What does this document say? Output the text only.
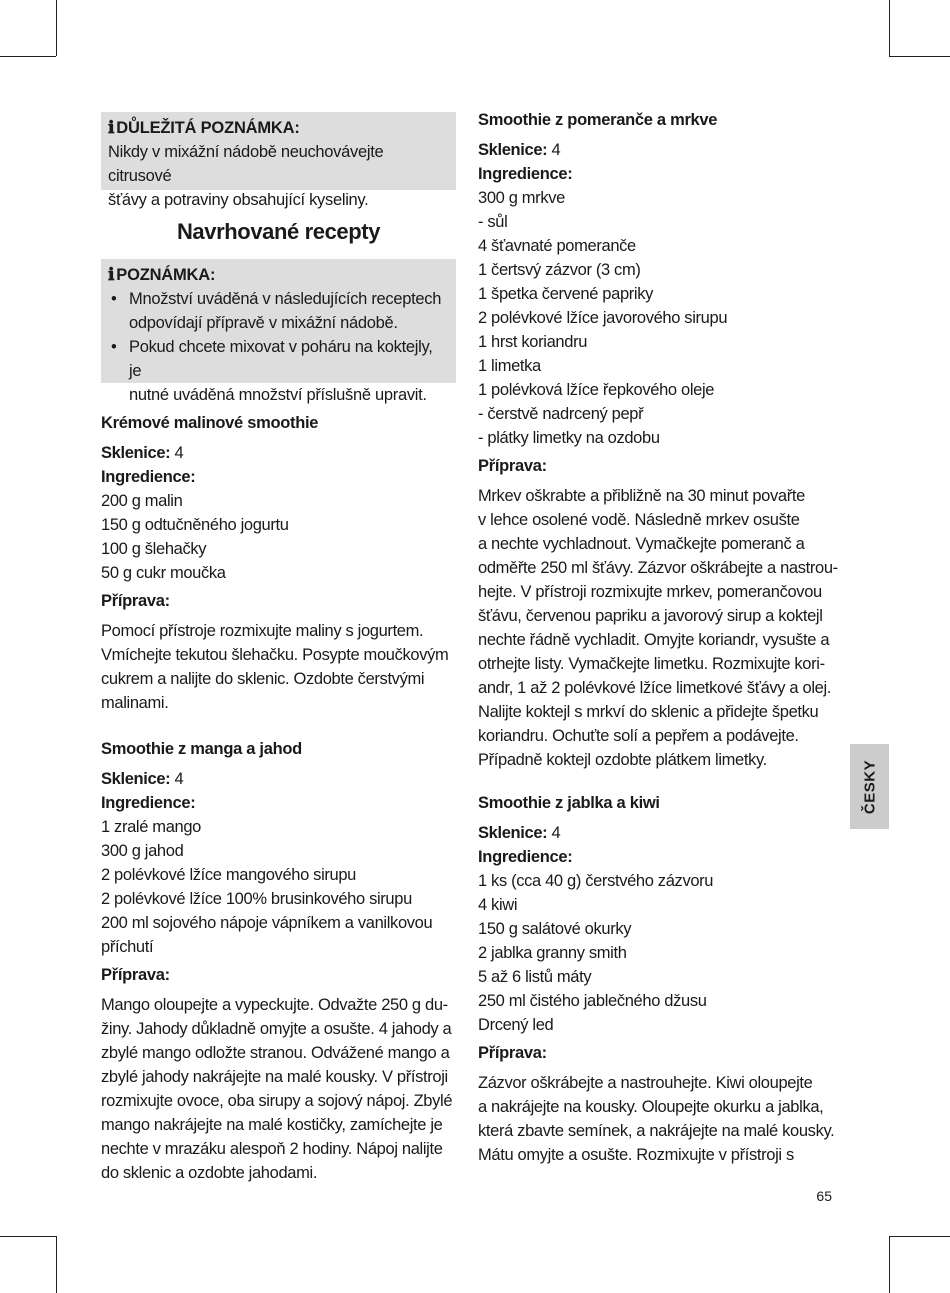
ℹ DŮLEŽITÁ POZNÁMKA:
Nikdy v mixážní nádobě neuchovávejte citrusové
šťávy a potraviny obsahující kyseliny.
Navrhované recepty
ℹ POZNÁMKA:
• Množství uváděná v následujících receptech
odpovídají přípravě v mixážní nádobě.
• Pokud chcete mixovat v poháru na koktejly, je
nutné uváděná množství příslušně upravit.
Krémové malinové smoothie
Sklenice: 4
Ingredience:
200 g malin
150 g odtučněného jogurtu
100 g šlehačky
50 g cukr moučka
Příprava:
Pomocí přístroje rozmixujte maliny s jogurtem.
Vmíchejte tekutou šlehačku. Posypte moučkovým
cukrem a nalijte do sklenic. Ozdobte čerstvými
malinami.
Smoothie z manga a jahod
Sklenice: 4
Ingredience:
1 zralé mango
300 g jahod
2 polévkové lžíce mangového sirupu
2 polévkové lžíce 100% brusinkového sirupu
200 ml sojového nápoje vápníkem a vanilkovou
příchutí
Příprava:
Mango oloupejte a vypeckujte. Odvažte 250 g du-
žiny. Jahody důkladně omyjte a osušte. 4 jahody a
zbylé mango odložte stranou. Odvážené mango a
zbylé jahody nakrájejte na malé kousky. V přístroji
rozmixujte ovoce, oba sirupy a sojový nápoj. Zbylé
mango nakrájejte na malé kostičky, zamíchejte je
nechte v mrazáku alespoň 2 hodiny. Nápoj nalijte
do sklenic a ozdobte jahodami.
Smoothie z pomeranče a mrkve
Sklenice: 4
Ingredience:
300 g mrkve
- sůl
4 šťavnaté pomeranče
1 čertsvý zázvor (3 cm)
1 špetka červené papriky
2 polévkové lžíce javorového sirupu
1 hrst koriandru
1 limetka
1 polévková lžíce řepkového oleje
- čerstvě nadrcený pepř
- plátky limetky na ozdobu
Příprava:
Mrkev oškrabte a přibližně na 30 minut povařte
v lehce osolené vodě. Následně mrkev osušte
a nechte vychladnout. Vymačkejte pomeranč a
odměřte 250 ml šťávy. Zázvor oškrábejte a nastrou-
hejte. V přístroji rozmixujte mrkev, pomerančovou
šťávu, červenou papriku a javorový sirup a koktejl
nechte řádně vychladit. Omyjte koriandr, vysušte a
otrhejte listy. Vymačkejte limetku. Rozmixujte kori-
andr, 1 až 2 polévkové lžíce limetkové šťávy a olej.
Nalijte koktejl s mrkví do sklenic a přidejte špetku
koriandru. Ochuťte solí a pepřem a podávejte.
Případně koktejl ozdobte plátkem limetky.
Smoothie z jablka a kiwi
Sklenice: 4
Ingredience:
1 ks (cca 40 g) čerstvého zázvoru
4 kiwi
150 g salátové okurky
2 jablka granny smith
5 až 6 listů máty
250 ml čistého jablečného džusu
Drcený led
Příprava:
Zázvor oškrábejte a nastrouhejte. Kiwi oloupejte
a nakrájejte na kousky. Oloupejte okurku a jablka,
která zbavte semínek, a nakrájejte na malé kousky.
Mátu omyjte a osušte. Rozmixujte v přístroji s
ČESKY
65
